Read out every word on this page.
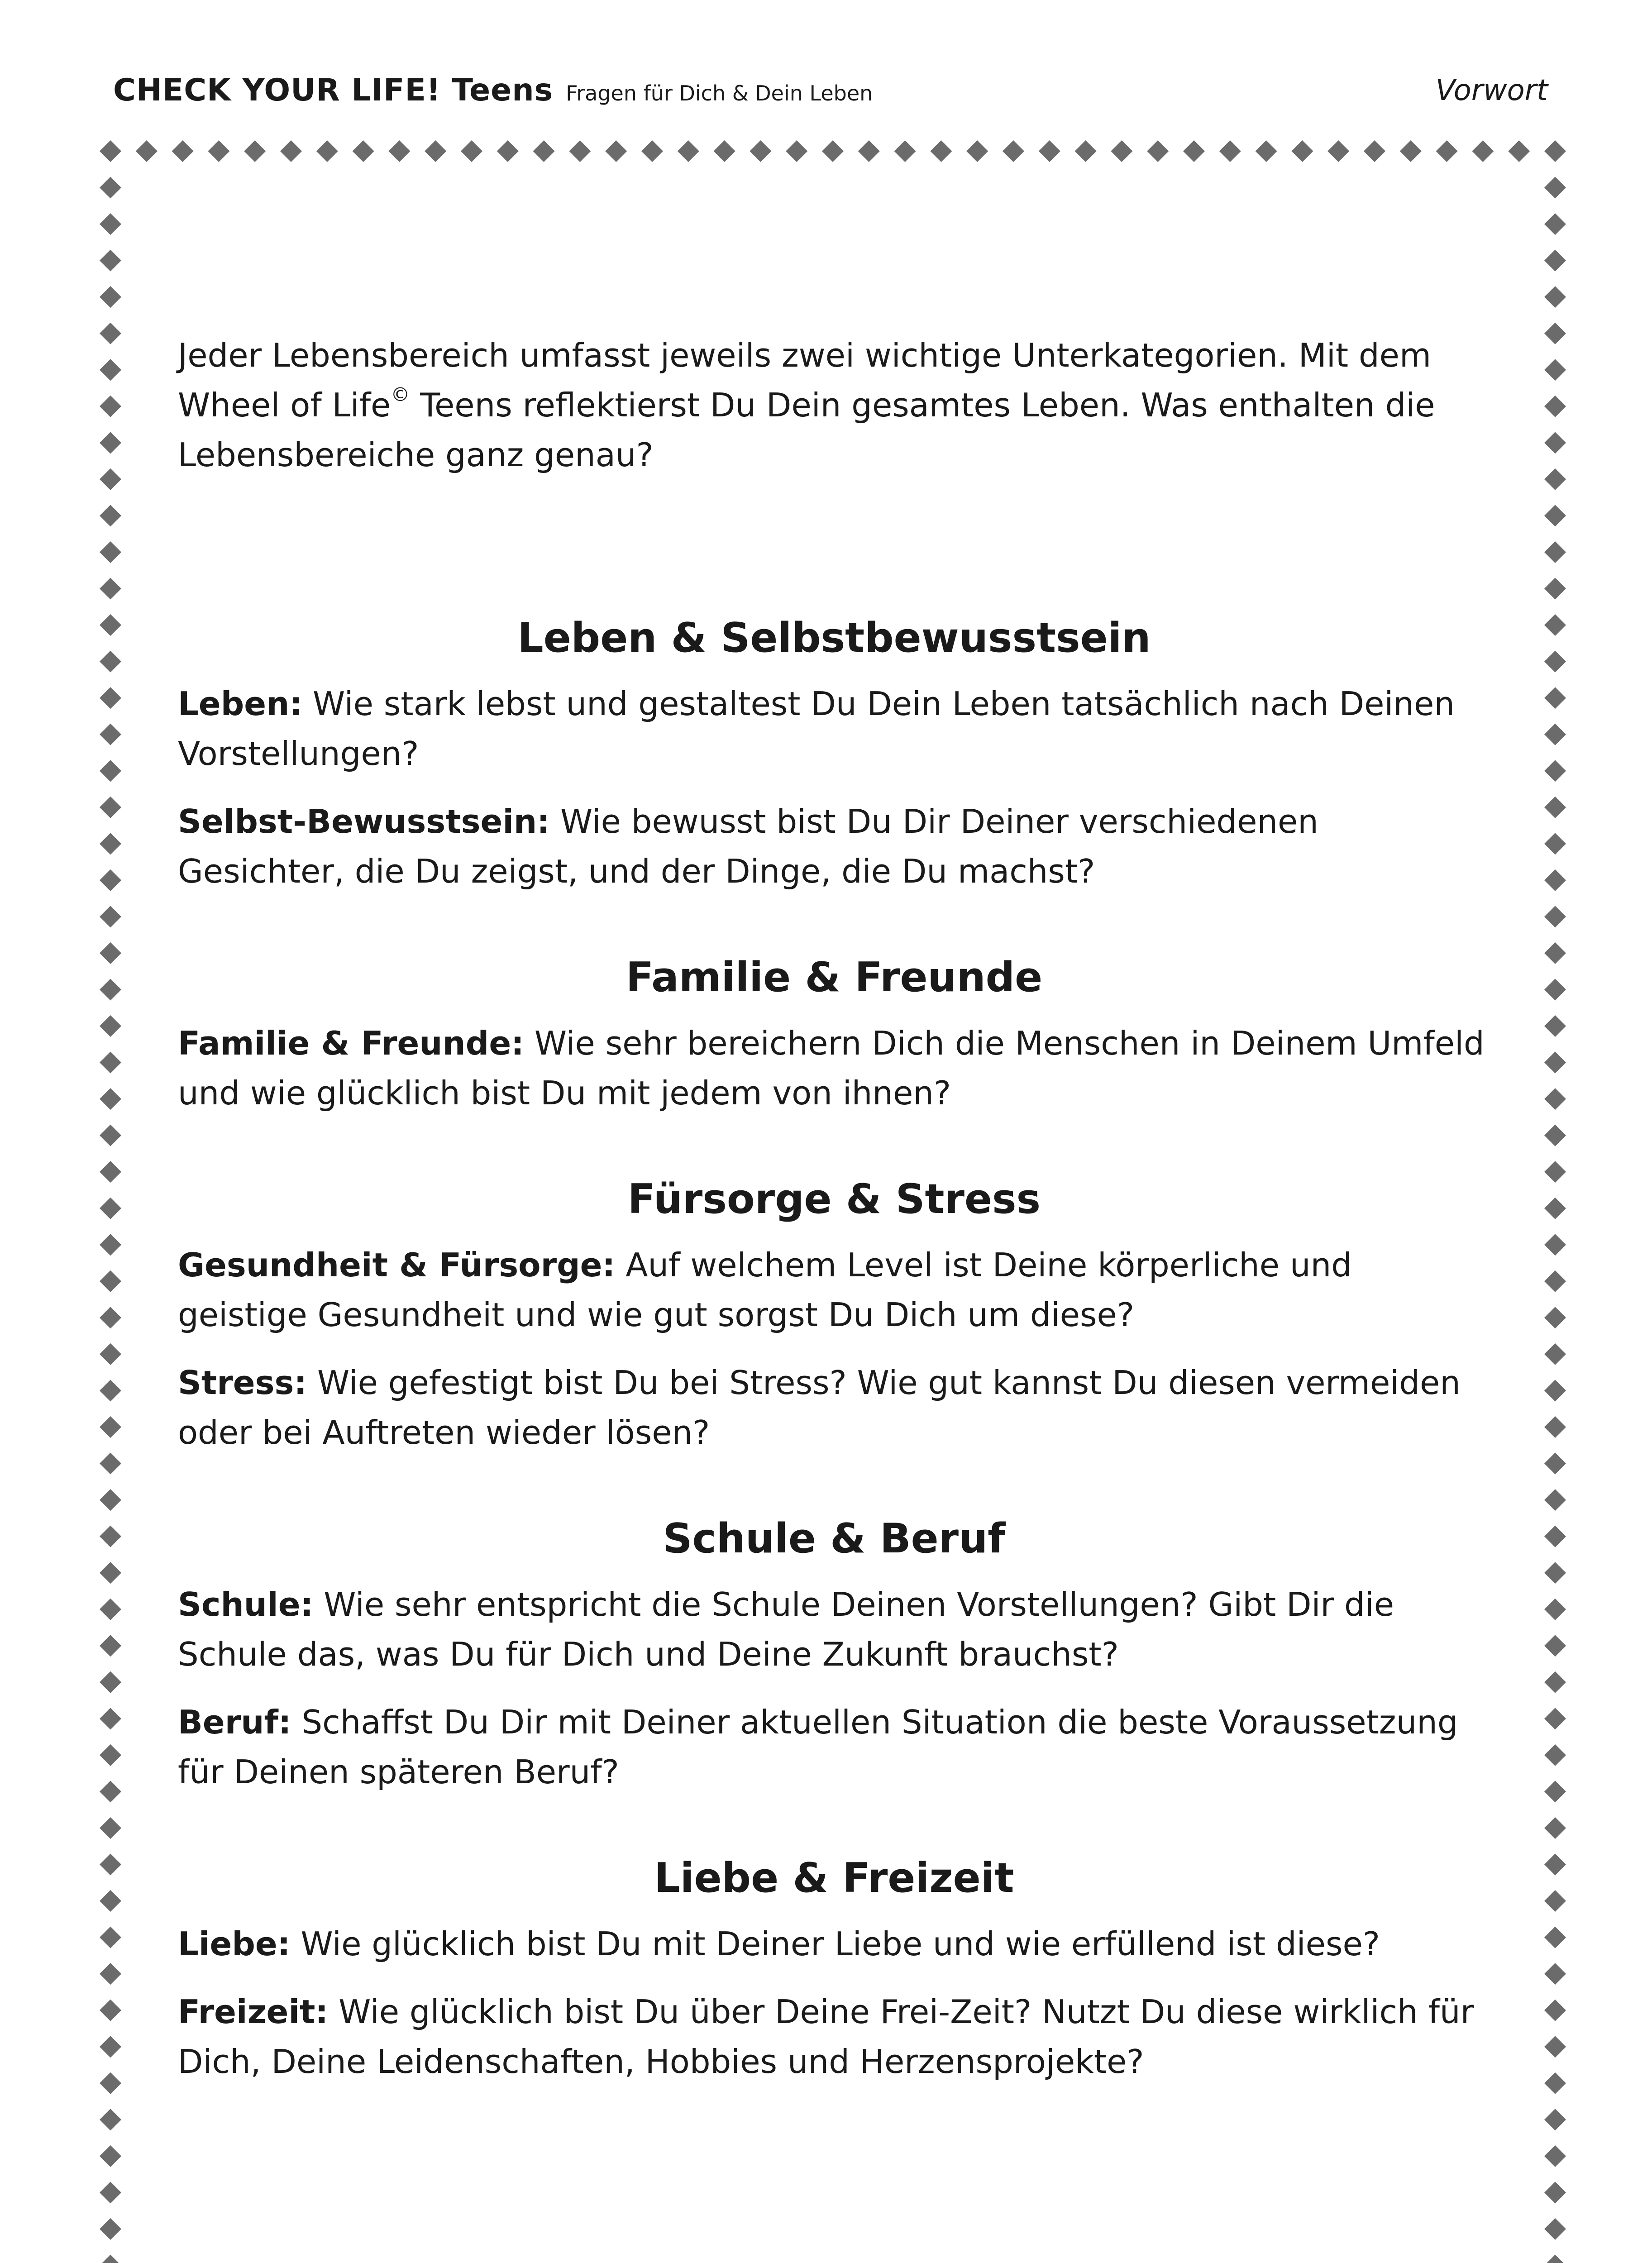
CHECK YOUR LIFE! Teens Fragen für Dich & Dein Leben	Vorwort

Jeder Lebensbereich umfasst jeweils zwei wichtige Unterkategorien. Mit dem Wheel of Life© Teens reflektierst Du Dein gesamtes Leben. Was enthalten die Lebensbereiche ganz genau?

Leben & Selbstbewusstsein

Leben: Wie stark lebst und gestaltest Du Dein Leben tatsächlich nach Deinen Vorstellungen?

Selbst-Bewusstsein: Wie bewusst bist Du Dir Deiner verschiedenen Gesichter, die Du zeigst, und der Dinge, die Du machst?

Familie & Freunde

Familie & Freunde: Wie sehr bereichern Dich die Menschen in Deinem Umfeld und wie glücklich bist Du mit jedem von ihnen?

Fürsorge & Stress

Gesundheit & Fürsorge: Auf welchem Level ist Deine körperliche und geistige Gesundheit und wie gut sorgst Du Dich um diese?

Stress: Wie gefestigt bist Du bei Stress? Wie gut kannst Du diesen vermeiden oder bei Auftreten wieder lösen?

Schule & Beruf

Schule: Wie sehr entspricht die Schule Deinen Vorstellungen? Gibt Dir die Schule das, was Du für Dich und Deine Zukunft brauchst?

Beruf: Schaffst Du Dir mit Deiner aktuellen Situation die beste Voraussetzung für Deinen späteren Beruf?

Liebe & Freizeit

Liebe: Wie glücklich bist Du mit Deiner Liebe und wie erfüllend ist diese?

Freizeit: Wie glücklich bist Du über Deine Frei-Zeit? Nutzt Du diese wirklich für Dich, Deine Leidenschaften, Hobbies und Herzensprojekte?
